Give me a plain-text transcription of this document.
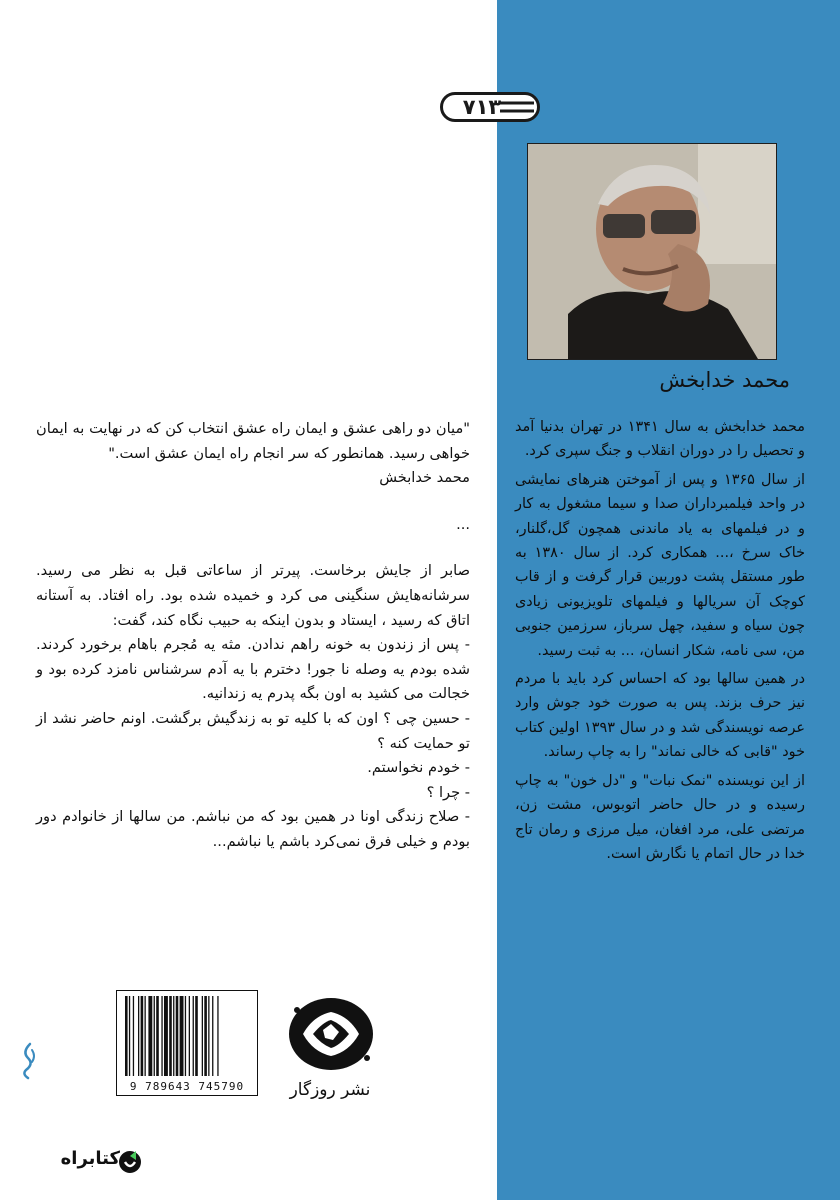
۷۱۳
محمد خدابخش

محمد خدابخش به سال ۱۳۴۱ در تهران بدنیا آمد و تحصیل را در دوران انقلاب و جنگ سپری کرد.

از سال ۱۳۶۵ و پس از آموختن هنرهای نمایشی در واحد فیلمبرداران صدا و سیما مشغول به کار و در فیلمهای به یاد ماندنی همچون گل،گلنار، خاک سرخ ،... همکاری کرد. از سال ۱۳۸۰ به طور مستقل پشت دوربین قرار گرفت و از قاب کوچک آن سریالها و فیلمهای تلویزیونی زیادی چون سیاه و سفید، چهل سرباز، سرزمین جنوبی من، سی نامه، شکار انسان، ... به ثبت رسید.

در همین سالها بود که احساس کرد باید با مردم نیز حرف بزند. پس به صورت خود جوش وارد عرصه نویسندگی شد و در سال ۱۳۹۳ اولین کتاب خود "قابی که خالی نماند" را به چاپ رساند.

از این نویسنده "نمک نبات" و "دل خون" به چاپ رسیده و در حال حاضر اتوبوس، مشت زن، مرتضی علی، مرد افغان، میل مرزی و رمان تاج خدا در حال اتمام یا نگارش است.

"میان دو راهی عشق و ایمان راه عشق انتخاب کن که در نهایت به ایمان خواهی رسید. همانطور که سر انجام راه ایمان عشق است."

محمد خدابخش

...

صابر از جایش برخاست. پیرتر از ساعاتی قبل به نظر می رسید. سرشانه‌هایش سنگینی می کرد و خمیده شده بود. راه افتاد. به آستانه اتاق که رسید ، ایستاد و بدون اینکه به حبیب نگاه کند، گفت:

- پس از زندون به خونه راهم ندادن. مثه یه مُجرم باهام برخورد کردند. شده بودم یه وصله نا جور! دخترم با یه آدم سرشناس نامزد کرده بود و خجالت می کشید به اون بگه پدرم یه زندانیه.

- حسین چی ؟ اون که با کلیه تو به زندگیش برگشت. اونم حاضر نشد از تو حمایت کنه ؟

- خودم نخواستم.

- چرا ؟

- صلاح زندگی اونا در همین بود که من نباشم. من سالها از خانوادم دور بودم و خیلی فرق نمی‌کرد باشم یا نباشم...

9 789643 745790	نشر روزگار
کتابراه
